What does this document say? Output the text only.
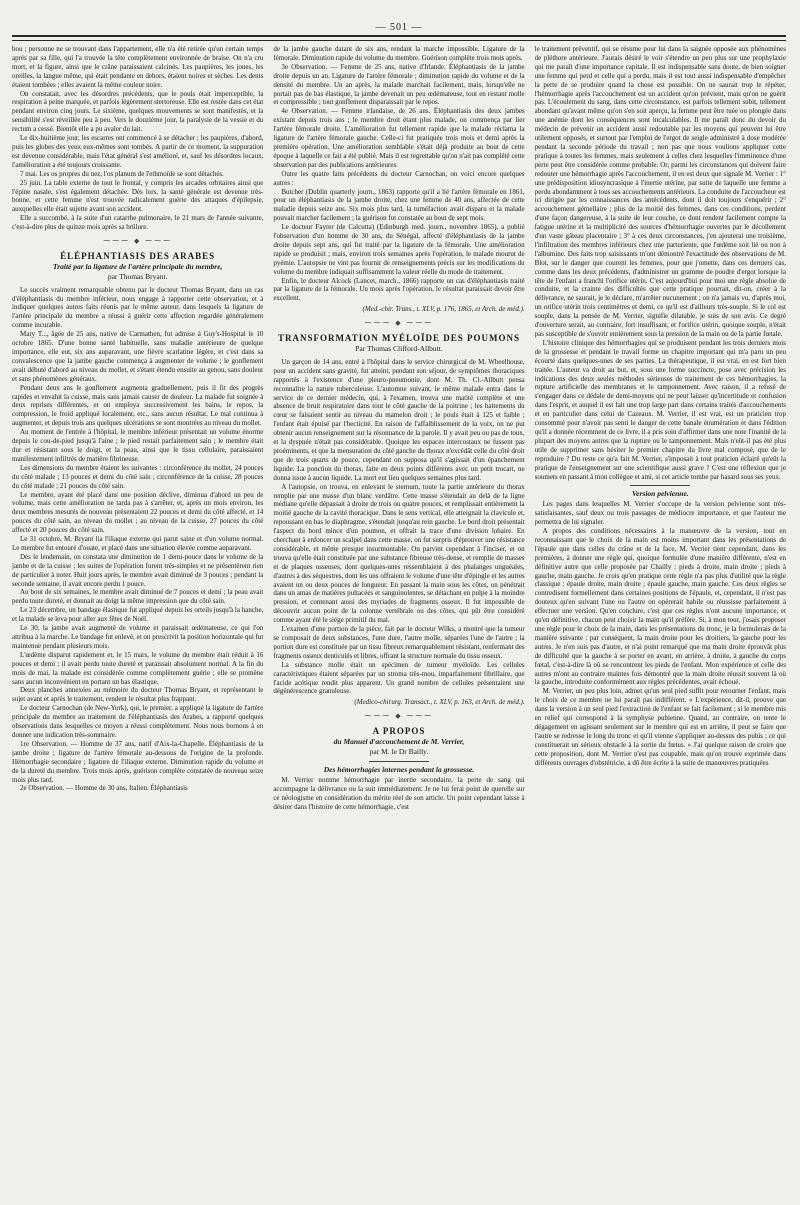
— 501 —

bou ; personne ne se trouvant dans l'appartement, elle n'a été retirée qu'un certain temps après par sa fille, qui l'a trouvée la tête complètement environnée de braise. On n'a cru mort, et la figure, ainsi que le crâne paraissaient calcinés. Les paupières, les joues, les oreilles, la langue même, qui était pendante en dehors, étaient noires et sèches. Les dents étaient tombées ; elles avaient la même couleur noire.

On constatait, avec les désordres précédents, que le pouls était imperceptible, la respiration à peine marquée, et parfois légèrement stertoreuse. Elle est restée dans cet état pendant environ cinq jours. Le sixième, quelques mouvements se sont manifestés, et la sensibilité s'est réveillée peu à peu. Vers le douzième jour, la paralysie de la vessie et du rectum a cessé. Bientôt elle a pu avaler du lait.

Le dix-huitième jour, les escarres ont commencé à se détacher ; les paupières, d'abord, puis les globes des yeux eux-mêmes sont tombés. A partir de ce moment, la suppuration est devenue considérable, mais l'état général s'est amélioré, et, sauf les désordres locaux, l'amélioration a été toujours croissante.

7 mai. Les os propres du nez, l'os planum de l'ethmoïde se sont détachés.

25 juin. La table externe de tout le frontal, y compris les arcades orbitaires ainsi que l'épine nasale, s'est également détachée. Dès lors, la santé générale est devenue très-bonne, et cette femme n'est trouvée radicalement guérie des attaques d'épilepsie, auxquelles elle était sujette avant son accident.

Elle a succombé, à la suite d'un catarrhe pulmonaire, le 21 mars de l'année suivante, c'est-à-dire plus de quinze mois après sa brûlure.

⁓⁓⁓ ◆ ⁓⁓⁓
ÉLÉPHANTIASIS DES ARABES
Traité par la ligature de l'artère principale du membre,
par Thomas Bryant.

Le succès vraiment remarquable obtenu par le docteur Thomas Bryant, dans un cas d'éléphantiasis du membre inférieur, nous engage à rapporter cette observation, et à indiquer quelques autres faits réunis par le même auteur, dans lesquels la ligature de l'artère principale du membre a réussi à guérir cette affection regardée généralement comme incurable.

Mary T..., âgée de 25 ans, native de Carmathen, fut admise à Guy's-Hospital le 10 octobre 1865. D'une bonne santé habituelle, sans maladie antérieure de quelque importance, elle eut, six ans auparavant, une fièvre scarlatine légère, et c'est dans sa convalescence que la jambe gauche commença à augmenter de volume ; le gonflement avait débuté d'abord au niveau du mollet, et s'étant étendu ensuite au genou, sans douleur et sans phénomènes généraux.

Pendant deux ans le gonflement augmenta graduellement, puis il fit des progrès rapides et envahit la cuisse, mais sans jamais causer de douleur. La malade fut soignée à deux reprises différentes, et on employa successivement les bains, le repos, la compression, le froid appliqué localement, etc., sans aucun résultat. Le mal continua à augmenter, et depuis trois ans quelques ulcérations se sont montrées au niveau du mollet.

Au moment de l'entrée à l'hôpital, le membre inférieur présentait un volume énorme depuis le cou-de-pied jusqu'à l'aine ; le pied restait parfaitement sain ; le membre était dur et résistant sous le doigt, et la peau, ainsi que le tissu cellulaire, paraissaient manifestement infiltrés de matière fibrineuse.

Les dimensions du membre étaient les suivantes : circonférence du mollet, 24 pouces du côté malade ; 13 pouces et demi du côté sain ; circonférence de la cuisse, 28 pouces du côté malade ; 21 pouces du côté sain.

Le membre, ayant été placé dans une position déclive, diminua d'abord un peu de volume, mais cette amélioration ne tarda pas à s'arrêter, et, après un mois environ, les deux membres mesurés de nouveau présentaient 22 pouces et demi du côté affecté, et 14 pouces du côté sain, au niveau du mollet ; au niveau de la cuisse, 27 pouces du côté affecté et 20 pouces du côté sain.

Le 31 octobre, M. Bryant lia l'iliaque externe qui parut saine et d'un volume normal. Le membre fut entouré d'ouate, et placé dans une situation élevée comme auparavant.

Dès le lendemain, on constata une diminution de 1 demi-pouce dans le volume de la jambe et de la cuisse ; les suites de l'opération furent très-simples et ne présentèrent rien de particulier à noter. Huit jours après, le membre avait diminué de 3 pouces ; pendant la seconde semaine, il avait encore perdu 1 pouce.

Au bout de six semaines, le membre avait diminué de 7 pouces et demi ; la peau avait perdu toute dureté, et donnait au doigt la même impression que du côté sain.

Le 23 décembre, un bandage élastique fut appliqué depuis les orteils jusqu'à la hanche, et la malade se leva pour aller aux fêtes de Noël.

Le 30, la jambe avait augmenté de volume et paraissait œdémateuse, ce qui l'on attribua à la marche. Le bandage fut enlevé, et on prescrivit la position horizontale qui fut maintenue pendant plusieurs mois.

L'œdème disparut rapidement et, le 15 mars, le volume du membre était réduit à 16 pouces et demi ; il avait perdu toute dureté et paraissait absolument normal. A la fin du mois de mai, la malade est considérée comme complètement guérie ; elle se promène sans aucun inconvénient en portant un bas élastique.

Deux planches annexées au mémoire du docteur Thomas Bryant, et représentant le sujet avant et après le traitement, rendent le résultat plus frappant.

Le docteur Carnochan (de New-York), qui, le premier, a appliqué la ligature de l'artère principale du membre au traitement de l'éléphantiasis des Arabes, a rapporté quelques observations dans lesquelles ce moyen a réussi complètement. Nous nous bornons à en donner une indication très-sommaire.

1re Observation. — Homme de 37 ans, natif d'Aix-la-Chapelle. Éléphantiasis de la jambe droite ; ligature de l'artère fémorale au-dessous de l'origine de la profonde. Hémorrhagie secondaire ; ligature de l'iliaque externe. Diminution rapide du volume et de la dureté du membre. Trois mois après, guérison complète constatée de nouveau seize mois plus tard.

2e Observation. — Homme de 30 ans, Italien. Éléphantiasis

de la jambe gauche datant de six ans, rendant la marche impossible. Ligature de la fémorale. Diminution rapide du volume du membre. Guérison complète trois mois après.

3e Observation. — Femme de 25 ans, native d'Irlande. Éléphantiasis de la jambe droite depuis un an. Ligature de l'artère fémorale ; diminution rapide du volume et de la densité du membre. Un an après, la malade marchait facilement, mais, lorsqu'elle ne portait pas de bas élastique, la jambe devenait un peu œdémateuse, tout en restant molle et compressible ; tout gonflement disparaissait par le repos.

4e Observation. — Femme irlandaise, de 26 ans. Éléphantiasis des deux jambes existant depuis trois ans ; le membre droit étant plus malade, on commença par lier l'artère fémorale droite. L'amélioration fut tellement rapide que la malade réclama la ligature de l'artère fémorale gauche. Celle-ci fut pratiquée trois mois et demi après la première opération. Une amélioration semblable s'était déjà produite au bout de cette époque à laquelle ce fait a été publié. Mais il est regrettable qu'on n'ait pas complété cette observation par des publications antérieures.

Outre les quatre faits précédents du docteur Carnochan, on voici encore quelques autres :

Butcher (Dublin quarterly journ., 1863) rapporte qu'il a lié l'artère fémorale en 1861, pour un éléphantiasis de la jambe droite, chez une femme de 40 ans, affectée de cette maladie depuis seize ans. Six mois plus tard, la tuméfaction avait disparu et la malade pouvait marcher facilement ; la guérison fut constatée au bout de sept mois.

Le docteur Fayrer (de Calcutta) (Edinburgh med. journ., novembre 1865), a publié l'observation d'un homme de 30 ans, du Sénégal, affecté d'éléphantiasis de la jambe droite depuis sept ans, qui fut traité par la ligature de la fémorale. Une amélioration rapide se produisit ; mais, environ trois semaines après l'opération, le malade mourut de pyémie. L'autopsie ne vint pas fournir de renseignements précis sur les modifications du volume du membre indiquait suffisamment la valeur réelle du mode de traitement.

Enfin, le docteur Alcock (Lancet, march., 1866) rapporte un cas d'éléphantiasis traité par la ligature de la fémorale. Un mois après l'opération, le résultat paraissait devoir être excellent.

(Med.-chir. Trans., t. XLV, p. 176, 1865, et Arch. de méd.).
⁓⁓⁓ ◆ ⁓⁓⁓
TRANSFORMATION MYÉLOÏDE DES POUMONS
Par Thomas Clifford-Allbutt.

Un garçon de 14 ans, entré à l'hôpital dans le service chirurgical de M. Wheelhouse, pour un accident sans gravité, fut atteint, pendant son séjour, de symptômes thoraciques rapportés à l'existence d'une pleuro-pneumonie, dont M. Th. Cl.-Allbutt pensa reconnaître la nature tuberculeuse. L'automne suivant, le même malade entra dans le service de ce dernier médecin, qui, à l'examen, trouva une matité complète et une absence de bruit respiratoire dans tout le côté gauche de la poitrine ; les battements du cœur se faisaient sentir au niveau du mamelon droit ; le pouls était à 125 et faible ; l'enfant était épuisé par l'hecticité. En raison de l'affaiblissement de la voix, on ne put obtenir aucun renseignement sur la résonnance de la parole. Il y avait peu ou pas de toux, et la dyspnée n'était pas considérable. Quoique les espaces intercostaux ne fussent pas proéminents, et que la mensuration du côté gauche du thorax n'excédât celle du côté droit que de trois quarts de pouce, cependant on supposa qu'il s'agissait d'un épanchement liquide. La ponction du thorax, faite en deux points différents avec un petit trocart, ne donna issue à aucun liquide. La mort eut lieu quelques semaines plus tard.

A l'autopsie, on trouva, en enlevant le sternum, toute la partie antérieure du thorax remplie par une masse d'un blanc verdâtre. Cette masse s'étendait au delà de la ligne médiane qu'elle dépassait à droite de trois ou quatre pouces, et remplissait entièrement la moitié gauche de la cavité thoracique. Dans le sens vertical, elle atteignait la clavicule et, repoussant en bas le diaphragme, s'étendait jusqu'au rein gauche. Le bord droit présentait l'aspect du bord mince d'un poumon, et offrait la trace d'une division lobaire. En cherchant à enfoncer un scalpel dans cette masse, on fut surpris d'éprouver une résistance considérable, et même presque insurmontable. On parvint cependant à l'inciser, et on trouva qu'elle était constituée par une substance fibreuse très-dense, et remplie de masses et de plaques osseuses, dont quelques-unes ressemblaient à des phalanges unguéales, d'autres à des séquestres, dont les uns offraient le volume d'une tête d'épingle et les autres avaient un ou deux pouces de longueur. En passant la main sous les côtes, on pénétrait dans un amas de matières pultacées et sanguinolentes, se détachant en pulpe à la moindre pression, et contenant aussi des myriades de fragments osseux. Il fut impossible de découvrir aucun point de la colonne vertébrale ou des côtes, qui pût être considéré comme ayant été le siége primitif du mal.

L'examen d'une portion de la pièce, fait par le docteur Wilks, a montré que la tumeur se composait de deux substances, l'une dure, l'autre molle, séparées l'une de l'autre ; la portion dure est constituée par un tissu fibreux remarquablement résistant, renfermant des fragments osseux denticulés et libres, offrant la structure normale du tissu osseux.

La substance molle était un spécimen de tumeur myéloïde. Les cellules caractéristiques étaient séparées par un stroma très-mou, imparfaitement fibrillaire, que l'acide acétique rendit plus apparent. Un grand nombre de cellules présentaient une dégénérescence granuleuse.

(Medico-chirurg. Transact., t. XLV, p. 163, et Arch. de méd.).
⁓⁓⁓ ◆ ⁓⁓⁓
A PROPOS
du Manuel d'accouchement de M. Verrier,
par M. le Dr Bailly.
Des hémorrhagies internes pendant la grossesse.

M. Verrier nomme hémorrhagie par inertie secondaire, la perte de sang qui accompagne la délivrance ou la suit immédiatement. Je ne lui ferai point de querelle sur ce néologisme en considération du mérite réel de son article. Un point cependant laisse à désirer dans l'histoire de cette hémorrhagie, c'est

le traitement préventif, qui se résume pour lui dans la saignée opposée aux phénomènes de pléthore antérieure. J'aurais désiré le voir s'étendre un peu plus sur une prophylaxie qui me paraît d'une importance capitale. Il est indispensable sans doute, de bien soigner une femme qui perd et celle qui a perdu, mais il est tout aussi indispensable d'empêcher la perte de se produire quand la chose est possible. On ne saurait trop le répéter, l'hémorrhagie après l'accouchement est un accident qu'on prévient, mais qu'on ne guérit pas. L'écoulement du sang, dans cette circonstance, est parfois tellement subit, tellement abondant qu'avant même qu'on s'en soit aperçu, la femme peut être tuée ou plongée dans une anémie dont les conséquences sont incalculables. Il me paraît donc du devoir du médecin de prévenir un accident aussi redoutable par les moyens qui peuvent lui être utilement opposés, et surtout par l'emploi de l'ergot de seigle administré à dose modérée pendant la seconde période du travail ; non pas que nous voulions appliquer cette pratique à toutes les femmes, mais seulement à celles chez lesquelles l'imminence d'une perte peut être considérée comme probable. Or, parmi les circonstances qui doivent faire redouter une hémorrhagie après l'accouchement, il en est deux que signale M. Verrier : 1° une prédisposition idiosyncrasique à l'inertie utérine, par suite de laquelle une femme a perdu abondamment à tous ses accouchements antérieurs. La conduite de l'accoucheur est ici dirigée par les connaissances des antécédents, dont il doit toujours s'enquérir ; 2° accouchement gémellaire : plus de la moitié des femmes, dans ces conditions, perdent d'une façon dangereuse, à la suite de leur couche, ce dont rendent facilement compte la fatigue utérine et la multiplicité des sources d'hémorrhagie ouvertes par le décollement d'un vaste gâteau placentaire ; 3° à ces deux circonstances, j'en ajouterai une troisième, l'infiltration des membres inférieurs chez une parturiente, que l'œdème soit lié ou non à l'albumine. Des faits trop saisissants m'ont démontré l'exactitude des observations de M. Blot, sur le danger que courent les femmes, pour que j'omette, dans ces derniers cas, comme dans les deux précédents, d'administrer un gramme de poudre d'ergot lorsque la tête de l'enfant a franchi l'orifice utérin. C'est aujourd'hui pour moi une règle absolue de conduite, et la crainte des difficultés que cette pratique pourrait, dit-on, créer à la délivrance, ne saurait, je le déclare, m'arrêter nucunement ; on n'a jamais vu, d'après moi, un orifice utérin trois centimètres et demi, ce qu'il est d'ailleurs très-souple. Si le col est souple, dans la pensée de M. Verrier, signifie dilatable, je suis de son avis. Ce degré d'ouverture serait, au contraire, fort insuffisant, et l'orifice utérin, quoique souple, n'était pas susceptible de s'ouvrir entièrement sous la pression de la main ou de la partie fœtale.

L'histoire clinique des hémorrhagies qui se produisent pendant les trois derniers mois de la grossesse et pendant le travail forme un chapitre important qui m'a paru un peu écourté dans quelques-unes de ses parties. La thérapeutique, il est vrai, en est fort bien traitée. L'auteur va droit au but, et, sous une forme succincte, pose avec précision les indications des deux seules méthodes sérieuses de traitement de ces hémorrhagies, la rupture artificielle des membranes et le tamponnement. Avec raison, il a refusé de s'engager dans ce dédale de demi-moyens qui ne peut laisser qu'incertitude et confusion dans l'esprit, et auquel il est fait une trop large part dans certains traités d'accouchements et en particulier dans celui de Cazeaux. M. Verrier, il est vrai, est un praticien trop consommé pour n'avoir pas senti le danger de cette banale énumération et dans l'édition qu'il a donnée récemment de ce livre, il a pris soin d'affirmer dans une note l'inanité de la plupart des moyens autres que la rupture ou le tamponnement. Mais n'eût-il pas été plus utile de supprimer sans hésiter le premier chapitre du livre mal composé, que de le reproduire ? Du reste ce qu'a fait M. Verrier, s'imposait à tout praticien éclairé qu'eût la pratique de l'enseignement sur une scientifique aussi grave ? C'est une réflexion que je soumets en passant à mon collègue et ami, si cet article tombe par hasard sous ses yeux.

Version pelvienne.

Les pages dans lesquelles M. Verrier s'occupe de la version pelvienne sont très-satisfaisantes, sauf deux ou trois passages de médiocre importance, et que l'auteur me permettra de lui signaler.

A propos des conditions nécessaires à la manœuvre de la version, tout en reconnaissant que le choix de la main est moins important dans les présentations de l'épaule que dans celles du crâne et de la face, M. Verrier tient cependant, dans les premières, à donner une règle qui, quoique formulée d'une manière différente, n'est en définitive autre que celle proposée par Chailly : pieds à droite, main droite ; pieds à gauche, main gauche. Je crois qu'en pratique cette règle n'a pas plus d'utilité que la règle classique : épaule droite, main droite ; épaule gauche, main gauche. Ces deux règles se contredisent formellement dans certaines positions de l'épaule, et, cependant, il n'est pas douteux qu'en suivant l'une ou l'autre on opérerait habile ou réussisse parfaitement à effectuer une version. Qu'en conclure, c'est que ces règles n'ont aucune importance, et qu'en définitive, chacun peut choisir la main qu'il préfère. Si, à mon tour, j'osais proposer une règle pour le choix de la main, dans les présentations du tronc, je la formulerais de la manière suivante : par conséquent, la main droite pour les droitiers, la gauche pour les autres. Je n'en suis pas d'autre, et n'ai point remarqué que ma main droite éprouvât plus de difficulté que la gauche à se porter en avant, en arrière, à droite, à gauche du corps fœtal, c'est-à-dire là où se rencontrent les pieds de l'enfant. Mon expérience et celle des autres m'ont au contraire maintes fois démontré que la main droite réussit souvent là où la gauche, introduite conformément aux règles précédentes, avait échoué.

M. Verrier, un peu plus loin, admet qu'un seul pied suffit pour retourner l'enfant, mais le choix de ce membre ne lui paraît pas indifférent. « L'expérience, dit-il, prouve que dans la version à un seul pied l'extraction de l'enfant se fait facilement ; si le membre mis en relief qui correspond à la symphyse pubienne. Quand, au contraire, on tente le dégagement en agissant seulement sur le membre qui est en arrière, il peut se faire que l'autre se redresse le long du tronc et qu'il vienne s'appliquer au-dessus des pubis ; ce qui constituerait un sérieux obstacle à la sortie du fœtus. » J'ai quelque raison de croire que cette proposition, dont M. Verrier n'est pas coupable, mais qu'on trouve exprimée dans différents ouvrages d'obstétricie, a dû être écrite à la suite de manœuvres pratiquées
